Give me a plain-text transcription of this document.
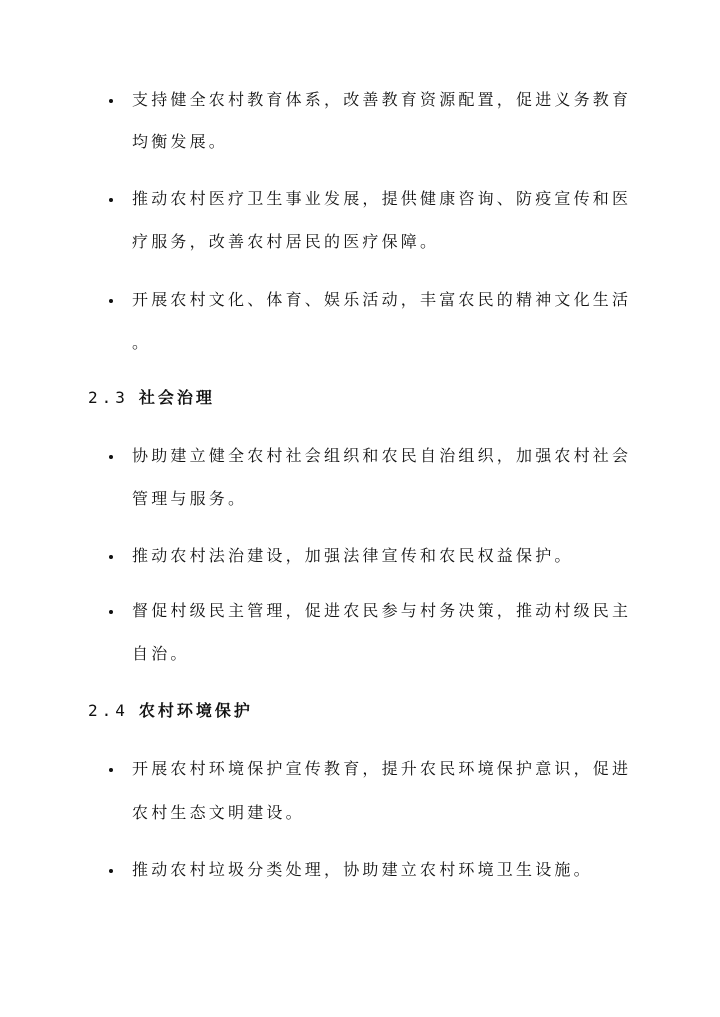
支持健全农村教育体系，改善教育资源配置，促进义务教育
均衡发展。
推动农村医疗卫生事业发展，提供健康咨询、防疫宣传和医
疗服务，改善农村居民的医疗保障。
开展农村文化、体育、娱乐活动，丰富农民的精神文化生活
。
2.3 社会治理
协助建立健全农村社会组织和农民自治组织，加强农村社会
管理与服务。
推动农村法治建设，加强法律宣传和农民权益保护。
督促村级民主管理，促进农民参与村务决策，推动村级民主
自治。
2.4 农村环境保护
开展农村环境保护宣传教育，提升农民环境保护意识，促进
农村生态文明建设。
推动农村垃圾分类处理，协助建立农村环境卫生设施。
